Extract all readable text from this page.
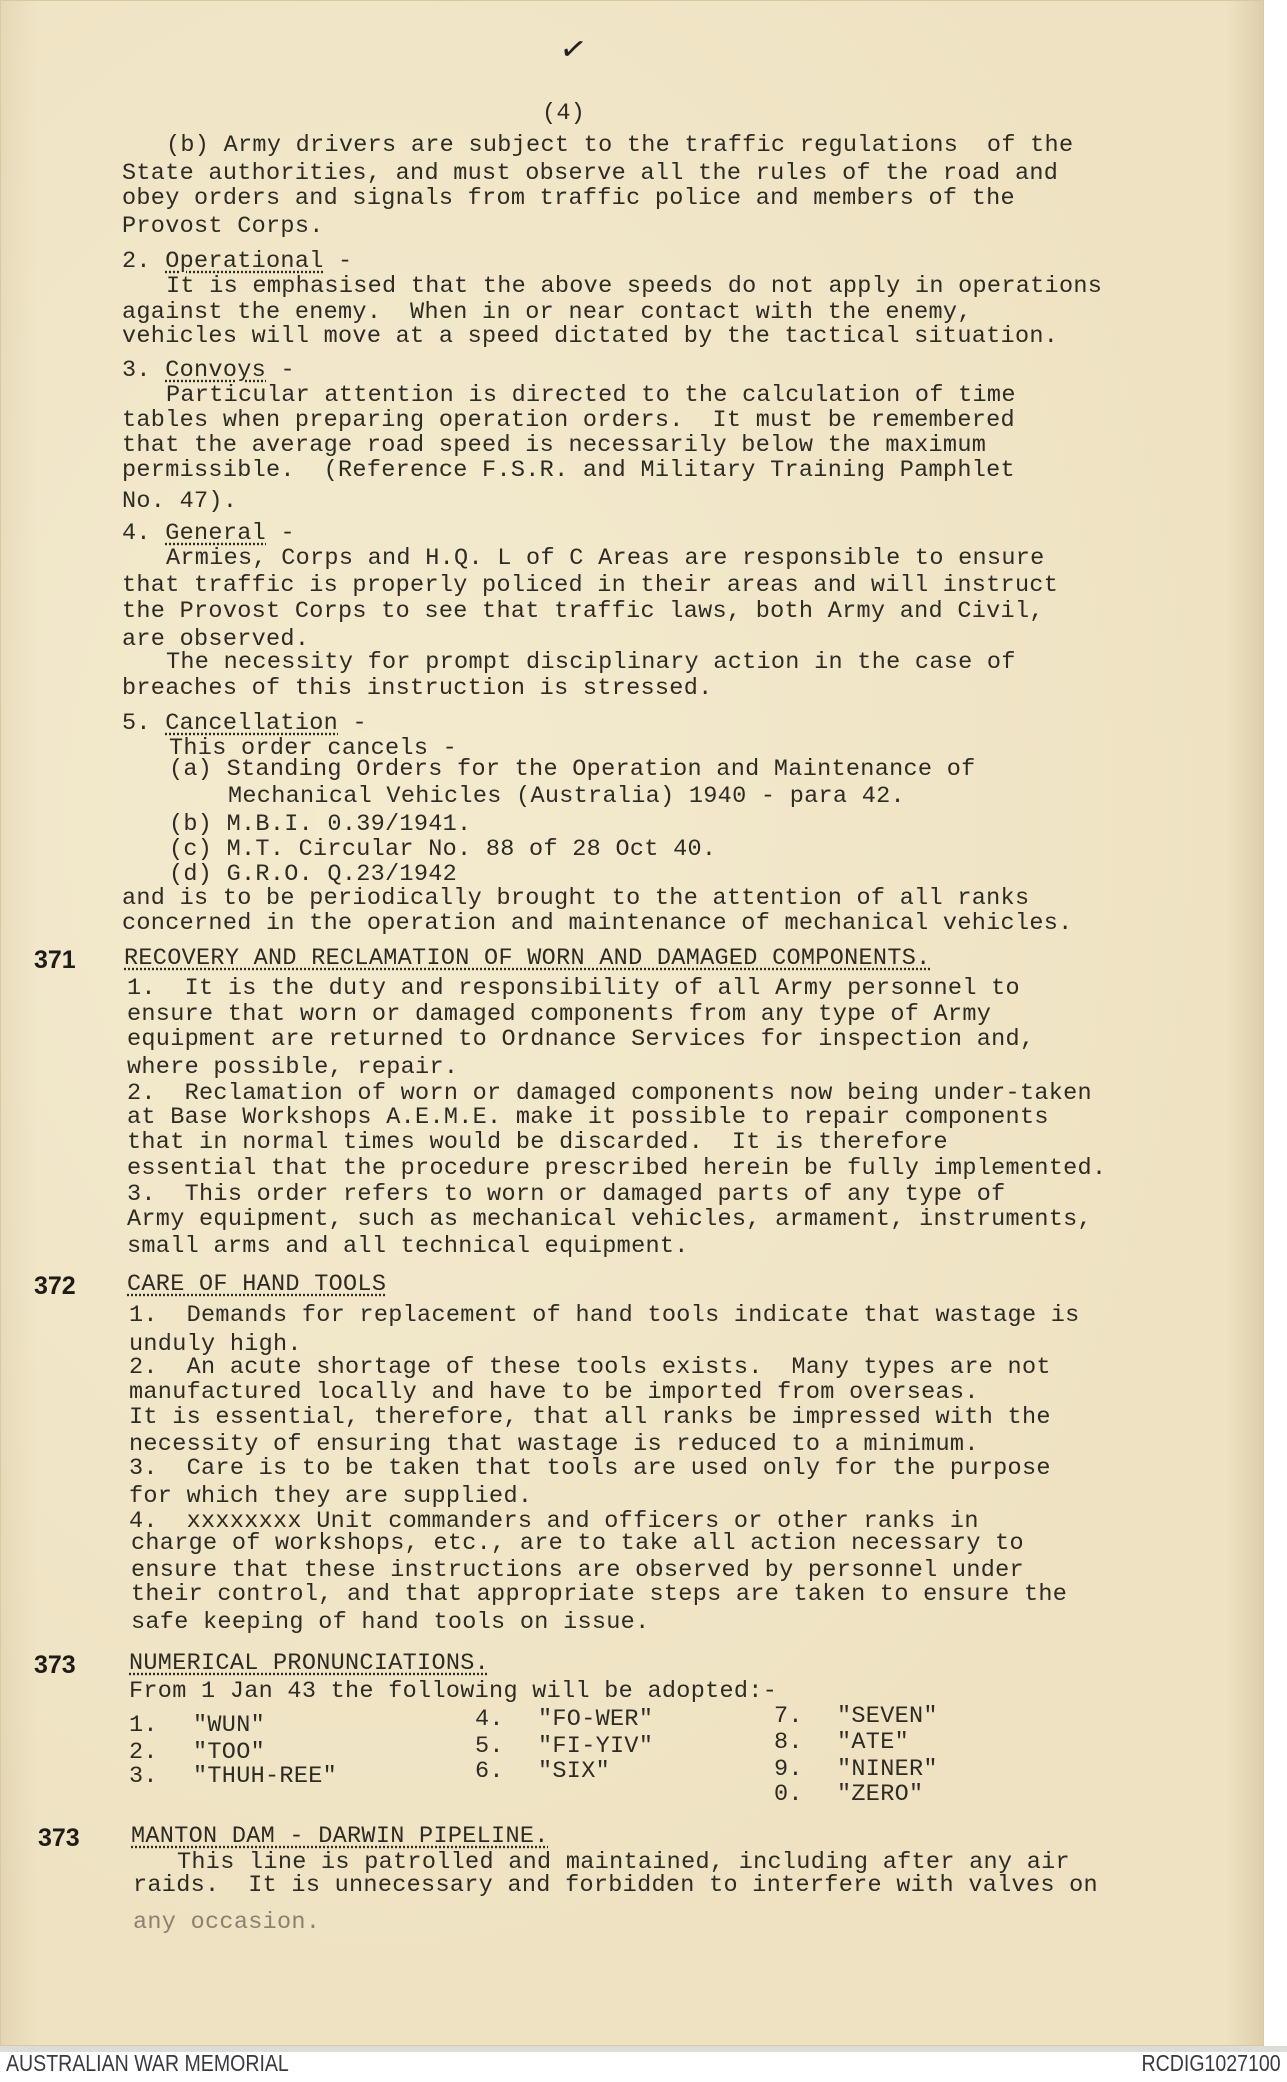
✓
(4)
(b) Army drivers are subject to the traffic regulations  of the
State authorities, and must observe all the rules of the road and
obey orders and signals from traffic police and members of the
Provost Corps.
2. Operational -
It is emphasised that the above speeds do not apply in operations
against the enemy.  When in or near contact with the enemy,
vehicles will move at a speed dictated by the tactical situation.
3. Convoys -
Particular attention is directed to the calculation of time
tables when preparing operation orders.  It must be remembered
that the average road speed is necessarily below the maximum
permissible.  (Reference F.S.R. and Military Training Pamphlet
No. 47).
4. General -
Armies, Corps and H.Q. L of C Areas are responsible to ensure
that traffic is properly policed in their areas and will instruct
the Provost Corps to see that traffic laws, both Army and Civil,
are observed.
The necessity for prompt disciplinary action in the case of
breaches of this instruction is stressed.
5. Cancellation -
This order cancels -
(a) Standing Orders for the Operation and Maintenance of
Mechanical Vehicles (Australia) 1940 - para 42.
(b) M.B.I. 0.39/1941.
(c) M.T. Circular No. 88 of 28 Oct 40.
(d) G.R.O. Q.23/1942
and is to be periodically brought to the attention of all ranks
concerned in the operation and maintenance of mechanical vehicles.
371 RECOVERY AND RECLAMATION OF WORN AND DAMAGED COMPONENTS.
1.  It is the duty and responsibility of all Army personnel to
ensure that worn or damaged components from any type of Army
equipment are returned to Ordnance Services for inspection and,
where possible, repair.
2.  Reclamation of worn or damaged components now being under-taken
at Base Workshops A.E.M.E. make it possible to repair components
that in normal times would be discarded.  It is therefore
essential that the procedure prescribed herein be fully implemented.
3.  This order refers to worn or damaged parts of any type of
Army equipment, such as mechanical vehicles, armament, instruments,
small arms and all technical equipment.
372 CARE OF HAND TOOLS
1.  Demands for replacement of hand tools indicate that wastage is
unduly high.
2.  An acute shortage of these tools exists.  Many types are not
manufactured locally and have to be imported from overseas.
It is essential, therefore, that all ranks be impressed with the
necessity of ensuring that wastage is reduced to a minimum.
3.  Care is to be taken that tools are used only for the purpose
for which they are supplied.
4.  xxxxxxxx Unit commanders and officers or other ranks in
charge of workshops, etc., are to take all action necessary to
ensure that these instructions are observed by personnel under
their control, and that appropriate steps are taken to ensure the
safe keeping of hand tools on issue.
373 NUMERICAL PRONUNCIATIONS.
From 1 Jan 43 the following will be adopted:-
1. "WUN"
2. "TOO"
3. "THUH-REE"
4. "FO-WER"
5. "FI-YIV"
6. "SIX"
7. "SEVEN"
8. "ATE"
9. "NINER"
0. "ZERO"
373 MANTON DAM - DARWIN PIPELINE.
This line is patrolled and maintained, including after any air
raids.  It is unnecessary and forbidden to interfere with valves on
any occasion.
AUSTRALIAN WAR MEMORIAL	RCDIG1027100
